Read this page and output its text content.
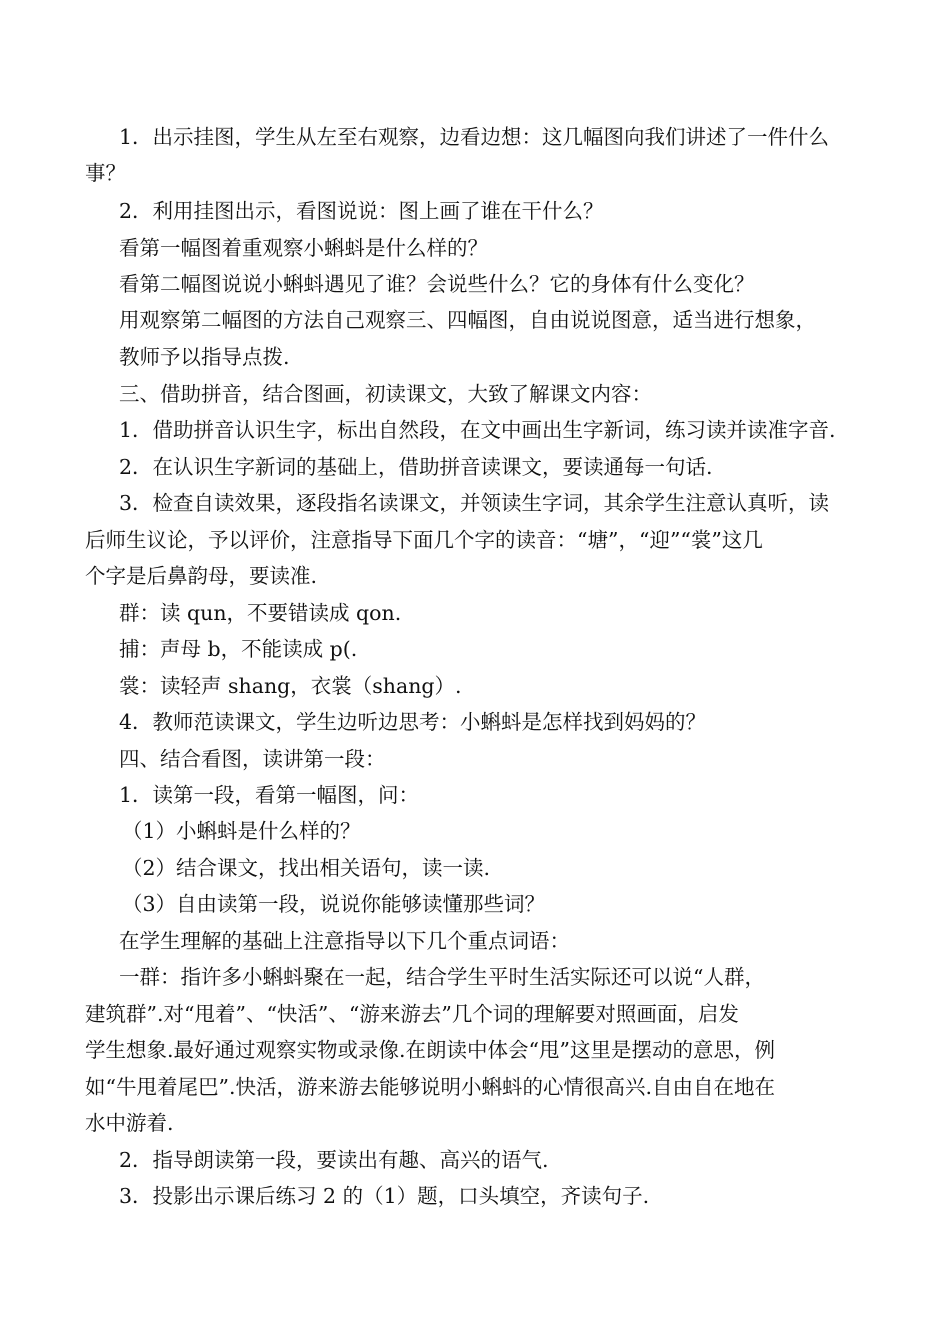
1．出示挂图，学生从左至右观察，边看边想：这几幅图向我们讲述了一件什么
事？
2．利用挂图出示，看图说说：图上画了谁在干什么？
看第一幅图着重观察小蝌蚪是什么样的？
看第二幅图说说小蝌蚪遇见了谁？会说些什么？它的身体有什么变化？
用观察第二幅图的方法自己观察三、四幅图，自由说说图意，适当进行想象，
教师予以指导点拨.
三、借助拼音，结合图画，初读课文，大致了解课文内容：
1．借助拼音认识生字，标出自然段，在文中画出生字新词，练习读并读准字音.
2．在认识生字新词的基础上，借助拼音读课文，要读通每一句话.
3．检查自读效果，逐段指名读课文，并领读生字词，其余学生注意认真听，读
后师生议论，予以评价，注意指导下面几个字的读音：“塘”，“迎”“裳”这几
个字是后鼻韵母，要读准.
群：读 qun，不要错读成 qon.
捕：声母 b，不能读成 p(.
裳：读轻声 shang，衣裳（shang）.
4．教师范读课文，学生边听边思考：小蝌蚪是怎样找到妈妈的？
四、结合看图，读讲第一段：
1．读第一段，看第一幅图，问：
（1）小蝌蚪是什么样的？
（2）结合课文，找出相关语句，读一读.
（3）自由读第一段，说说你能够读懂那些词？
在学生理解的基础上注意指导以下几个重点词语：
一群：指许多小蝌蚪聚在一起，结合学生平时生活实际还可以说“人群，
建筑群”.对“甩着”、“快活”、“游来游去”几个词的理解要对照画面，启发
学生想象.最好通过观察实物或录像.在朗读中体会“甩”这里是摆动的意思，例
如“牛甩着尾巴”.快活，游来游去能够说明小蝌蚪的心情很高兴.自由自在地在
水中游着.
2．指导朗读第一段，要读出有趣、高兴的语气.
3．投影出示课后练习 2 的（1）题，口头填空，齐读句子.
